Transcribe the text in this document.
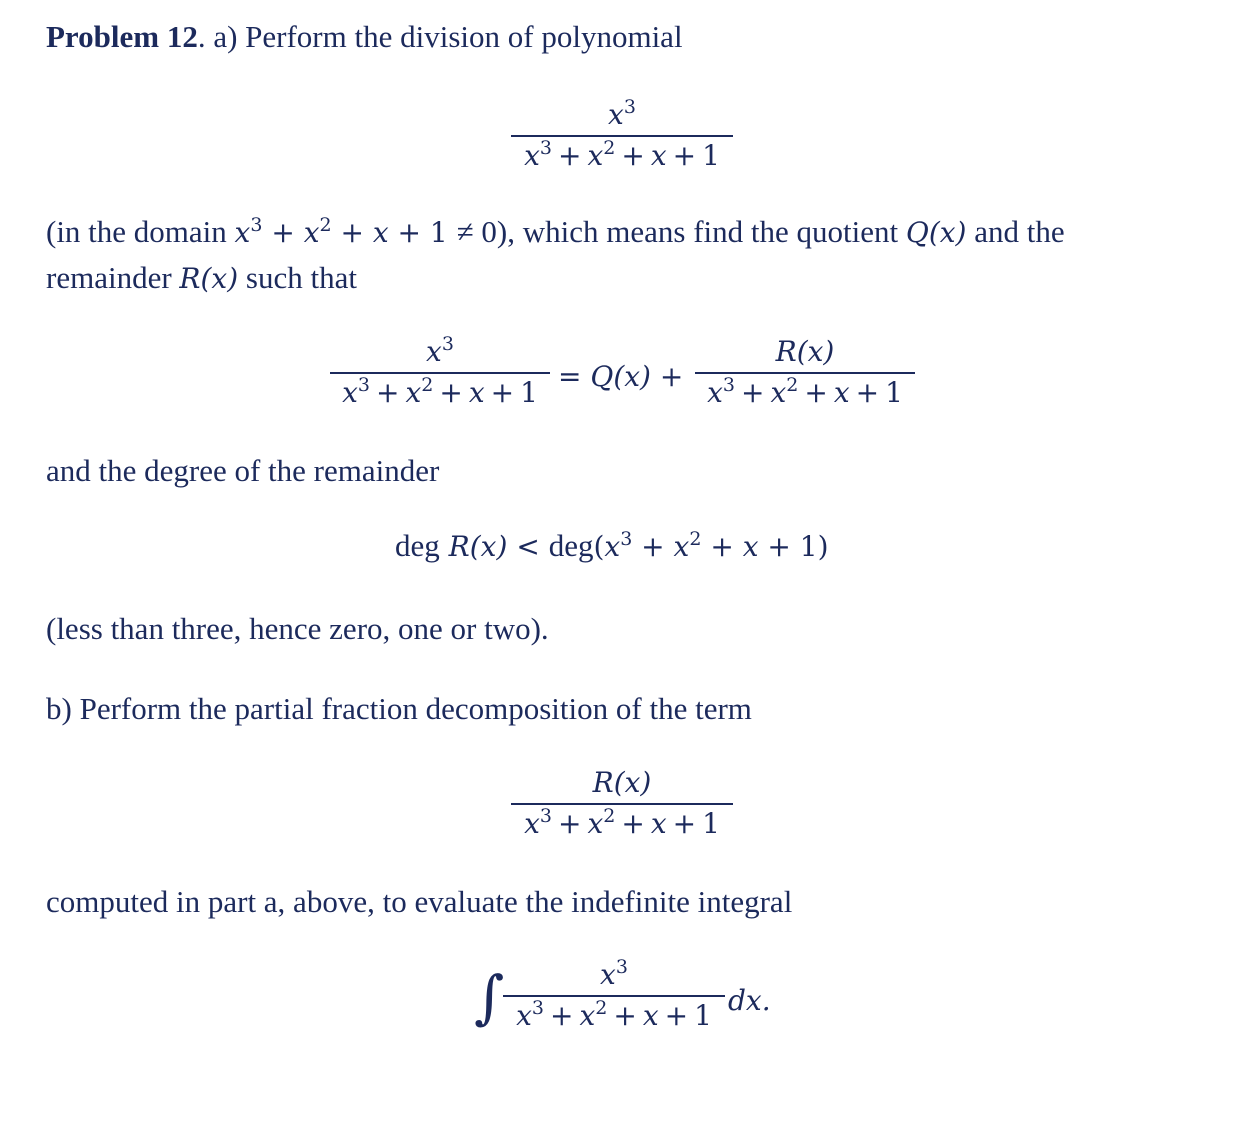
Problem 12. a) Perform the division of polynomial
$x^3$
$x^3 + x^2 + x + 1$
(in the domain $x^3 + x^2 + x + 1 \ne 0$), which means find the quotient Q(x) and the
remainder R(x) such that
$x^3$
$x^3 + x^2 + x + 1 = Q(x)$ +
R(x)
$x^3 + x^2 + x + 1$
and the degree of the remainder
deg $R(x) < deg(x^3 + x^2 + x + 1)$
(less than three, hence zero, one or two).
b) Perform the partial fraction decomposition of the term
R(x)
$x^3 + x^2 + x + 1$
computed in part a, above, to evaluate the indefinite integral
∫	$x^3$
$x^3 + x^2 + x + 1$ dx.
